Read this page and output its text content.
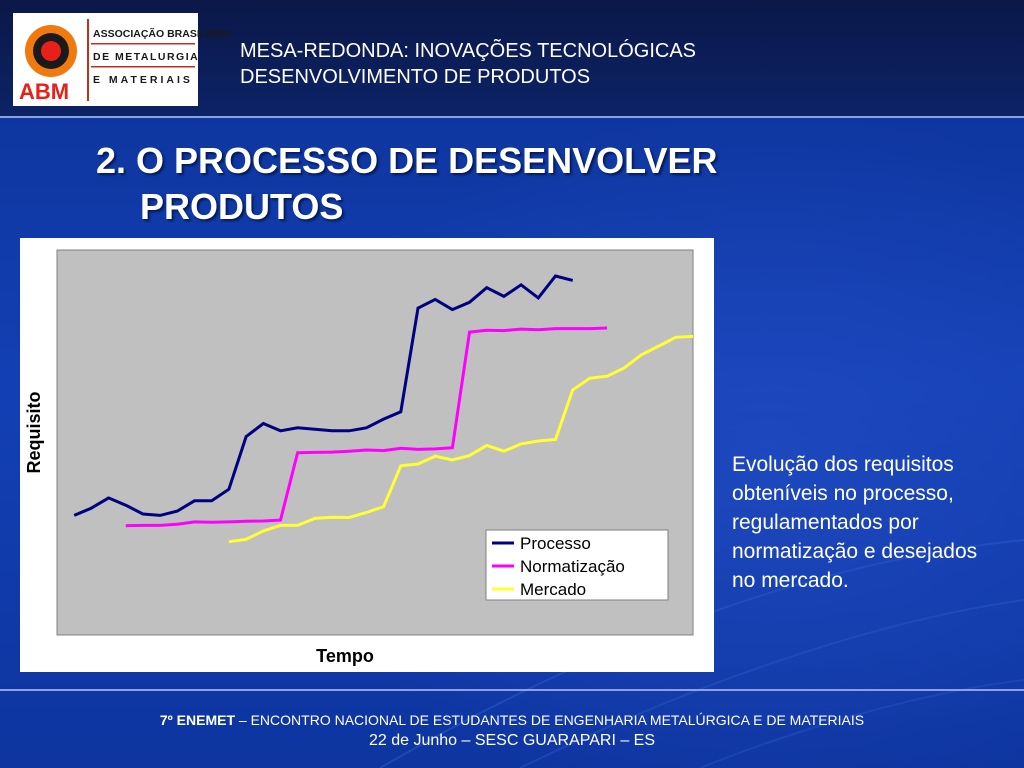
ASSOCIAÇÃO BRASILEIRA
DE METALURGIA
E MATERIAIS
ABM
MESA-REDONDA: INOVAÇÕES TECNOLÓGICAS
DESENVOLVIMENTO DE PRODUTOS
2. O PROCESSO DE DESENVOLVER
PRODUTOS
Requisito
Tempo
Processo
Normatização
Mercado
Evolução dos requisitos obteníveis no processo, regulamentados por normatização e desejados no mercado.
7º ENEMET – ENCONTRO NACIONAL DE ESTUDANTES DE ENGENHARIA METALÚRGICA E DE MATERIAIS
22 de Junho – SESC GUARAPARI – ES
